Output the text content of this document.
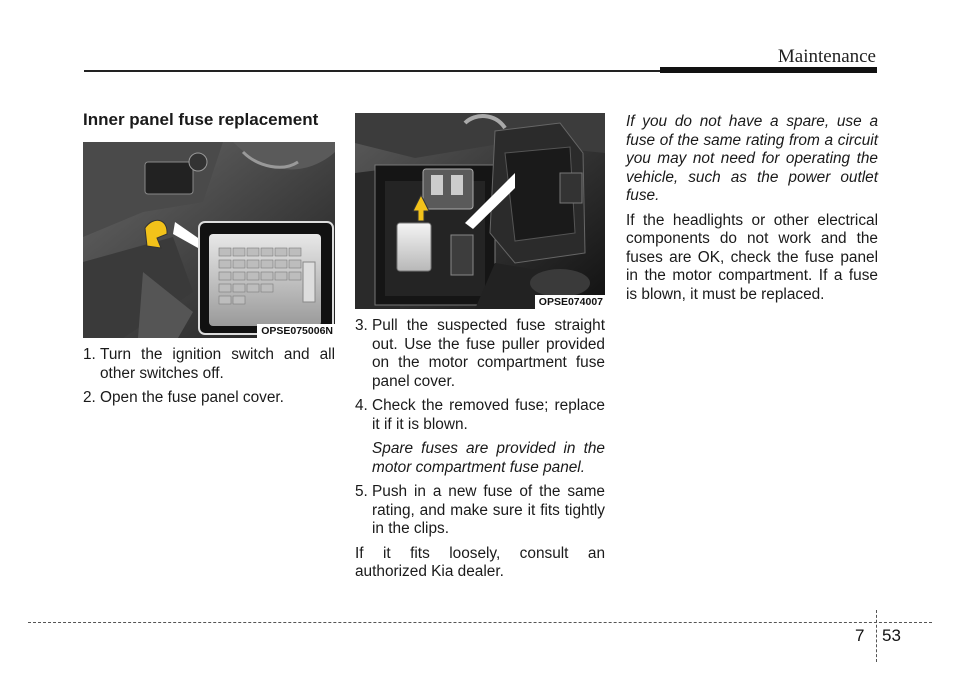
Maintenance
Inner panel fuse replacement
OPSE075006N
1. Turn the ignition switch and all other switches off.
2. Open the fuse panel cover.
OPSE074007
3. Pull the suspected fuse straight out. Use the fuse puller provided on the motor compartment fuse panel cover.
4. Check the removed fuse; replace it if it is blown.
Spare fuses are provided in the motor compartment fuse panel.
5. Push in a new fuse of the same rating, and make sure it fits tightly in the clips.
If it fits loosely, consult an authorized Kia dealer.
If you do not have a spare, use a fuse of the same rating from a circuit you may not need for operating the vehicle, such as the power outlet fuse.
If the headlights or other electrical components do not work and the fuses are OK, check the fuse panel in the motor compartment. If a fuse is blown, it must be replaced.
7 53
